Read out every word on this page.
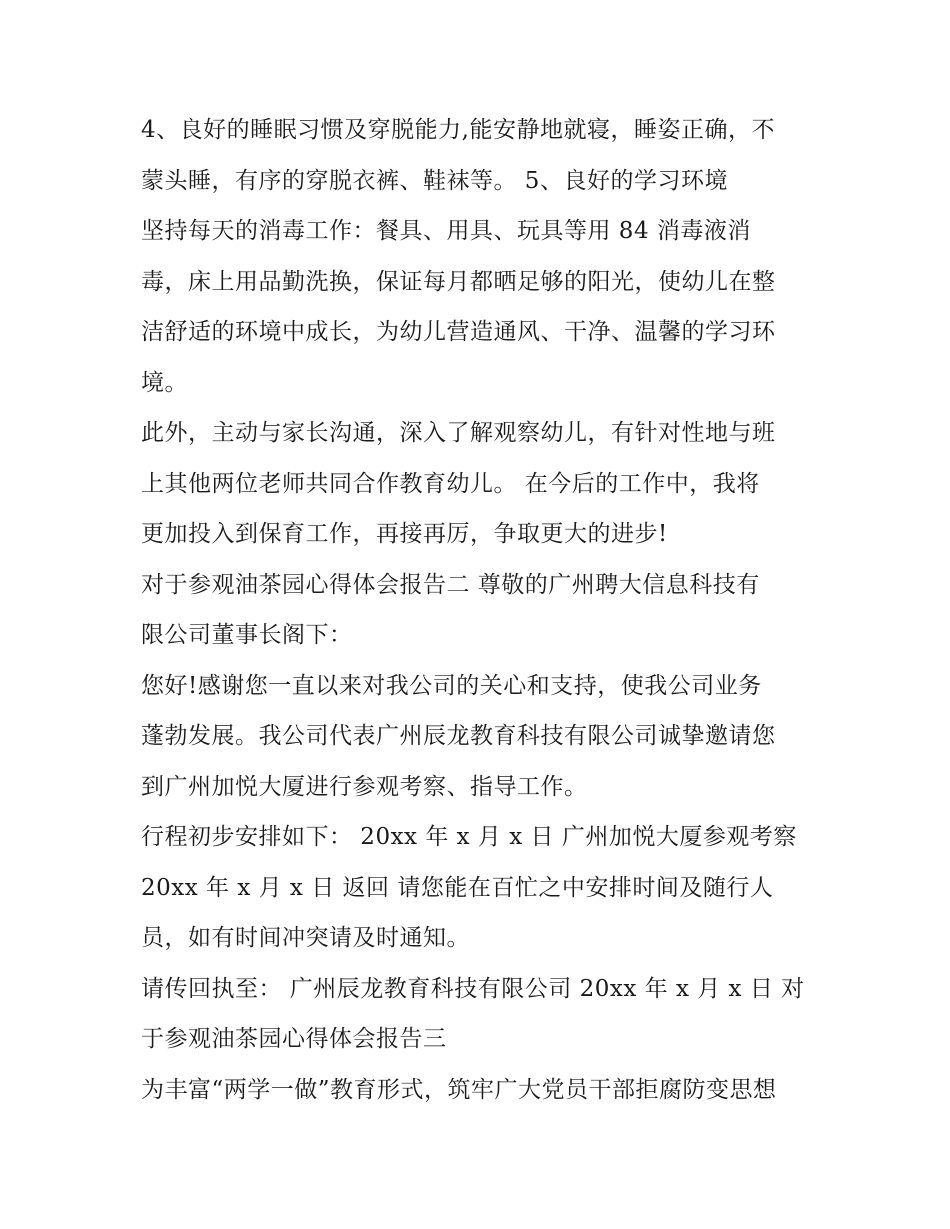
4、良好的睡眠习惯及穿脱能力,能安静地就寝，睡姿正确，不
蒙头睡，有序的穿脱衣裤、鞋袜等。 5、良好的学习环境
坚持每天的消毒工作：餐具、用具、玩具等用 84 消毒液消
毒，床上用品勤洗换，保证每月都晒足够的阳光，使幼儿在整
洁舒适的环境中成长，为幼儿营造通风、干净、温馨的学习环
境。
此外，主动与家长沟通，深入了解观察幼儿，有针对性地与班
上其他两位老师共同合作教育幼儿。 在今后的工作中，我将
更加投入到保育工作，再接再厉，争取更大的进步!
对于参观油茶园心得体会报告二 尊敬的广州聘大信息科技有
限公司董事长阁下：
您好!感谢您一直以来对我公司的关心和支持，使我公司业务
蓬勃发展。我公司代表广州辰龙教育科技有限公司诚挚邀请您
到广州加悦大厦进行参观考察、指导工作。
行程初步安排如下： 20xx 年 x 月 x 日 广州加悦大厦参观考察
20xx 年 x 月 x 日 返回 请您能在百忙之中安排时间及随行人
员，如有时间冲突请及时通知。
请传回执至： 广州辰龙教育科技有限公司 20xx 年 x 月 x 日 对
于参观油茶园心得体会报告三
为丰富“两学一做”教育形式，筑牢广大党员干部拒腐防变思想
